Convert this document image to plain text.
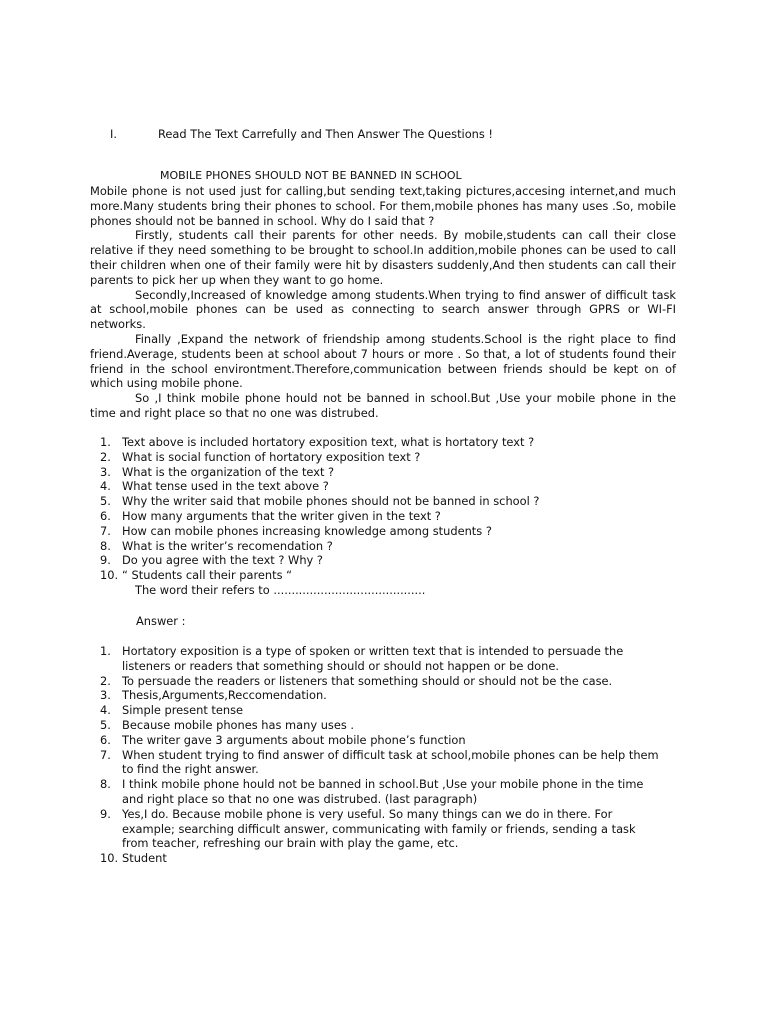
I.	Read The Text Carrefully and Then Answer The Questions !
MOBILE PHONES SHOULD NOT BE BANNED IN SCHOOL

Mobile phone is not used just for calling,but sending text,taking pictures,accesing internet,and much more.Many students bring their phones to school. For them,mobile phones has many uses .So, mobile phones should not be banned in school. Why do I said that ?

Firstly, students call their parents for other needs. By mobile,students can call their close relative if they need something to be brought to school.In addition,mobile phones can be used to call their children when one of their family were hit by disasters suddenly,And then students can call their parents to pick her up when they want to go home.

Secondly,Increased of knowledge among students.When trying to find answer of difficult task at school,mobile phones can be used as connecting to search answer through GPRS or WI-FI networks.

Finally ,Expand the network of friendship among students.School is the right place to find friend.Average, students been at school about 7 hours or more . So that, a lot of students found their friend in the school environtment.Therefore,communication between friends should be kept on of which using mobile phone.

So ,I think mobile phone hould not be banned in school.But ,Use your mobile phone in the time and right place so that no one was distrubed.

1. Text above is included hortatory exposition text, what is hortatory text ?
2. What is social function of hortatory exposition text ?
3. What is the organization of the text ?
4. What tense used in the text above ?
5. Why the writer said that mobile phones should not be banned in school ?
6. How many arguments that the writer given in the text ?
7. How can mobile phones increasing knowledge among students ?
8. What is the writer’s recomendation ?
9. Do you agree with the text ? Why ?
10. “ Students call their parents “
The word their refers to ..........................................
Answer :
1. Hortatory exposition is a type of spoken or written text that is intended to persuade the listeners or readers that something should or should not happen or be done.
2. To persuade the readers or listeners that something should or should not be the case.
3. Thesis,Arguments,Reccomendation.
4. Simple present tense
5. Because mobile phones has many uses .
6. The writer gave 3 arguments about mobile phone’s function
7. When student trying to find answer of difficult task at school,mobile phones can be help them to find the right answer.
8. I think mobile phone hould not be banned in school.But ,Use your mobile phone in the time and right place so that no one was distrubed. (last paragraph)
9. Yes,I do. Because mobile phone is very useful. So many things can we do in there. For example; searching difficult answer, communicating with family or friends, sending a task from teacher, refreshing our brain with play the game, etc.
10. Student
